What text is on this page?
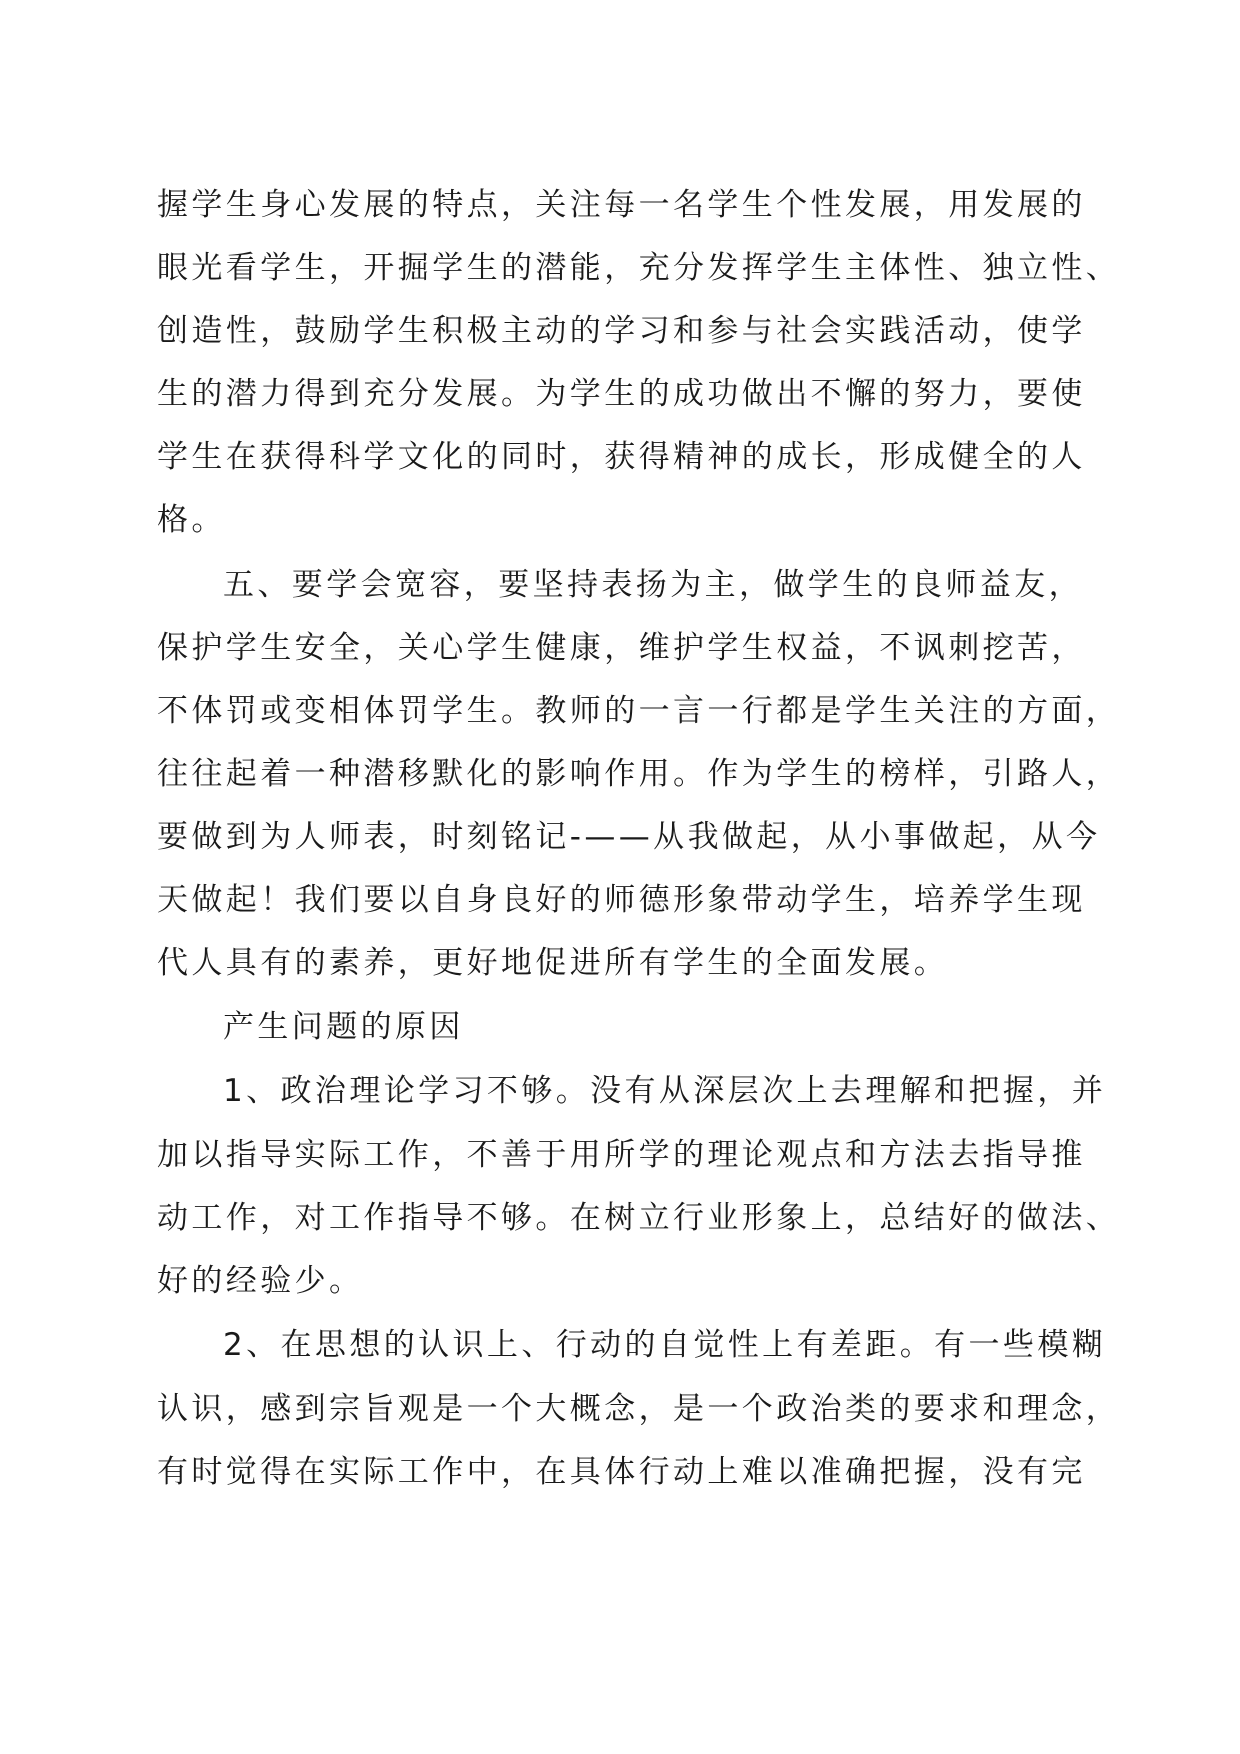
握学生身心发展的特点，关注每一名学生个性发展，用发展的
眼光看学生，开掘学生的潜能，充分发挥学生主体性、独立性、
创造性，鼓励学生积极主动的学习和参与社会实践活动，使学
生的潜力得到充分发展。为学生的成功做出不懈的努力，要使
学生在获得科学文化的同时，获得精神的成长，形成健全的人
格。
五、要学会宽容，要坚持表扬为主，做学生的良师益友，
保护学生安全，关心学生健康，维护学生权益，不讽刺挖苦，
不体罚或变相体罚学生。教师的一言一行都是学生关注的方面，
往往起着一种潜移默化的影响作用。作为学生的榜样，引路人，
要做到为人师表，时刻铭记-——从我做起，从小事做起，从今
天做起！我们要以自身良好的师德形象带动学生，培养学生现
代人具有的素养，更好地促进所有学生的全面发展。
产生问题的原因
1、政治理论学习不够。没有从深层次上去理解和把握，并
加以指导实际工作，不善于用所学的理论观点和方法去指导推
动工作，对工作指导不够。在树立行业形象上，总结好的做法、
好的经验少。
2、在思想的认识上、行动的自觉性上有差距。有一些模糊
认识，感到宗旨观是一个大概念，是一个政治类的要求和理念，
有时觉得在实际工作中，在具体行动上难以准确把握，没有完
